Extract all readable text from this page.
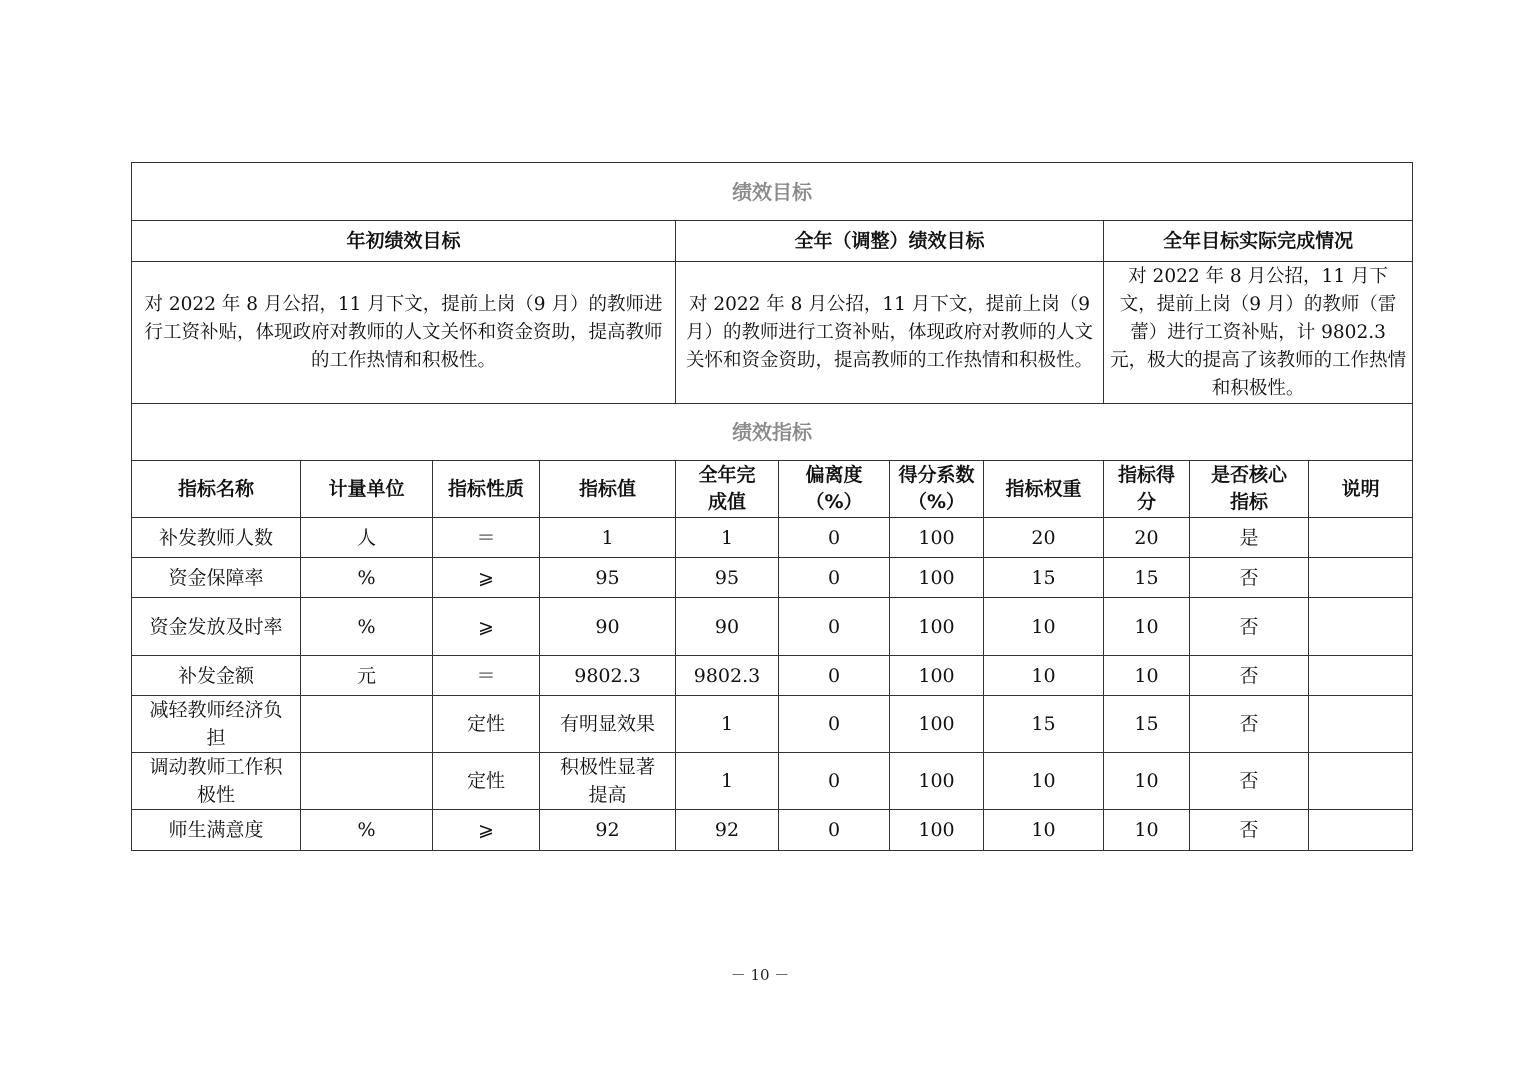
绩效目标										
年初绩效目标				全年（调整）绩效目标				全年目标实际完成情况		
对 2022 年 8 月公招，11 月下文，提前上岗（9 月）的教师进行工资补贴，体现政府对教师的人文关怀和资金资助，提高教师的工作热情和积极性。				对 2022 年 8 月公招，11 月下文，提前上岗（9 月）的教师进行工资补贴，体现政府对教师的人文关怀和资金资助，提高教师的工作热情和积极性。				对 2022 年 8 月公招，11 月下文，提前上岗（9 月）的教师（雷蕾）进行工资补贴，计 9802.3 元，极大的提高了该教师的工作热情和积极性。		
绩效指标										
指标名称	计量单位	指标性质	指标值	全年完成值	偏离度（%）	得分系数（%）	指标权重	指标得分	是否核心指标	说明
补发教师人数	人	＝	1	1	0	100	20	20	是	
资金保障率	%	⩾	95	95	0	100	15	15	否	
资金发放及时率	%	⩾	90	90	0	100	10	10	否	
补发金额	元	＝	9802.3	9802.3	0	100	10	10	否	
减轻教师经济负担		定性	有明显效果	1	0	100	15	15	否	
调动教师工作积极性		定性	积极性显著提高	1	0	100	10	10	否	
师生满意度	%	⩾	92	92	0	100	10	10	否	
－ 10 －
